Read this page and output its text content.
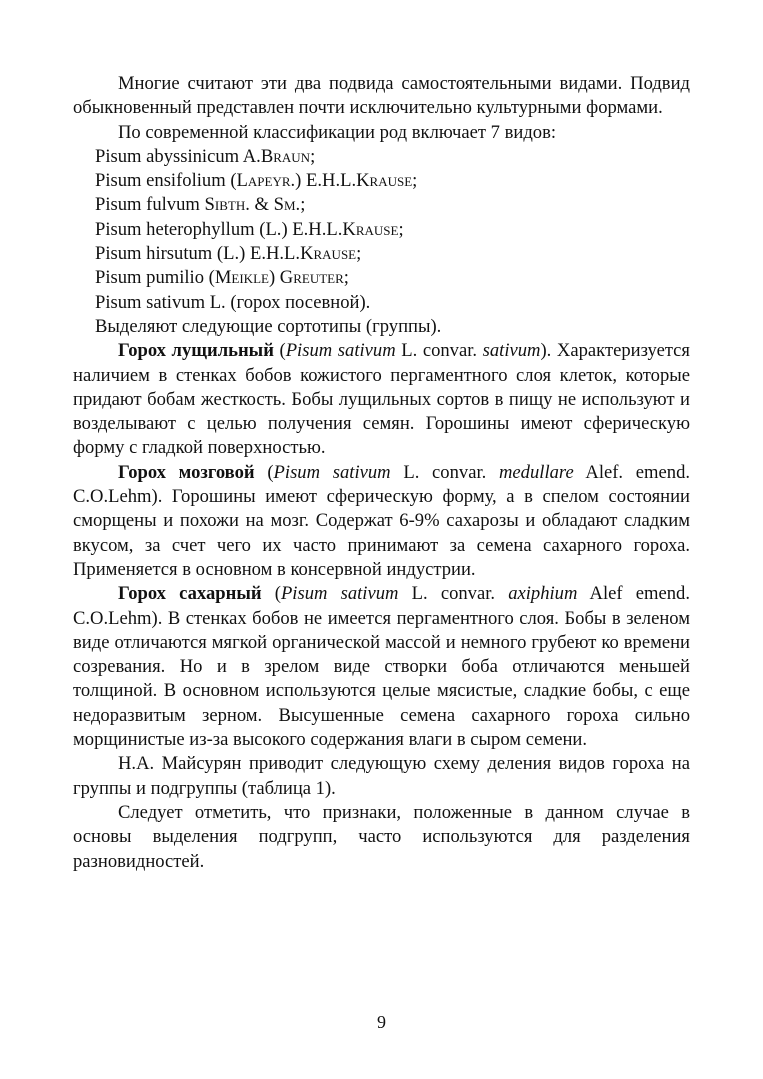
Многие считают эти два подвида самостоятельными видами. Подвид обыкновенный представлен почти исключительно культурными формами.

По современной классификации род включает 7 видов:

Pisum abyssinicum A.Braun;

Pisum ensifolium (Lapeyr.) E.H.L.Krause;

Pisum fulvum Sibth. & Sm.;

Pisum heterophyllum (L.) E.H.L.Krause;

Pisum hirsutum (L.) E.H.L.Krause;

Pisum pumilio (Meikle) Greuter;

Pisum sativum L. (горох посевной).

Выделяют следующие сортотипы (группы).

Горох лущильный (Pisum sativum L. convar. sativum). Характеризуется наличием в стенках бобов кожистого пергаментного слоя клеток, которые придают бобам жесткость. Бобы лущильных сортов в пищу не используют и возделывают с целью получения семян. Горошины имеют сферическую форму с гладкой поверхностью.

Горох мозговой (Pisum sativum L. convar. medullare Alef. emend. C.O.Lehm). Горошины имеют сферическую форму, а в спелом состоянии сморщены и похожи на мозг. Содержат 6-9% сахарозы и обладают сладким вкусом, за счет чего их часто принимают за семена сахарного гороха. Применяется в основном в консервной индустрии.

Горох сахарный (Pisum sativum L. convar. axiphium Alef emend. C.O.Lehm). В стенках бобов не имеется пергаментного слоя. Бобы в зеленом виде отличаются мягкой органической массой и немного грубеют ко времени созревания. Но и в зрелом виде створки боба отличаются меньшей толщиной. В основном используются целые мясистые, сладкие бобы, с еще недоразвитым зерном. Высушенные семена сахарного гороха сильно морщинистые из-за высокого содержания влаги в сыром семени.

Н.А. Майсурян приводит следующую схему деления видов гороха на группы и подгруппы (таблица 1).

Следует отметить, что признаки, положенные в данном случае в основы выделения подгрупп, часто используются для разделения разновидностей.

9
